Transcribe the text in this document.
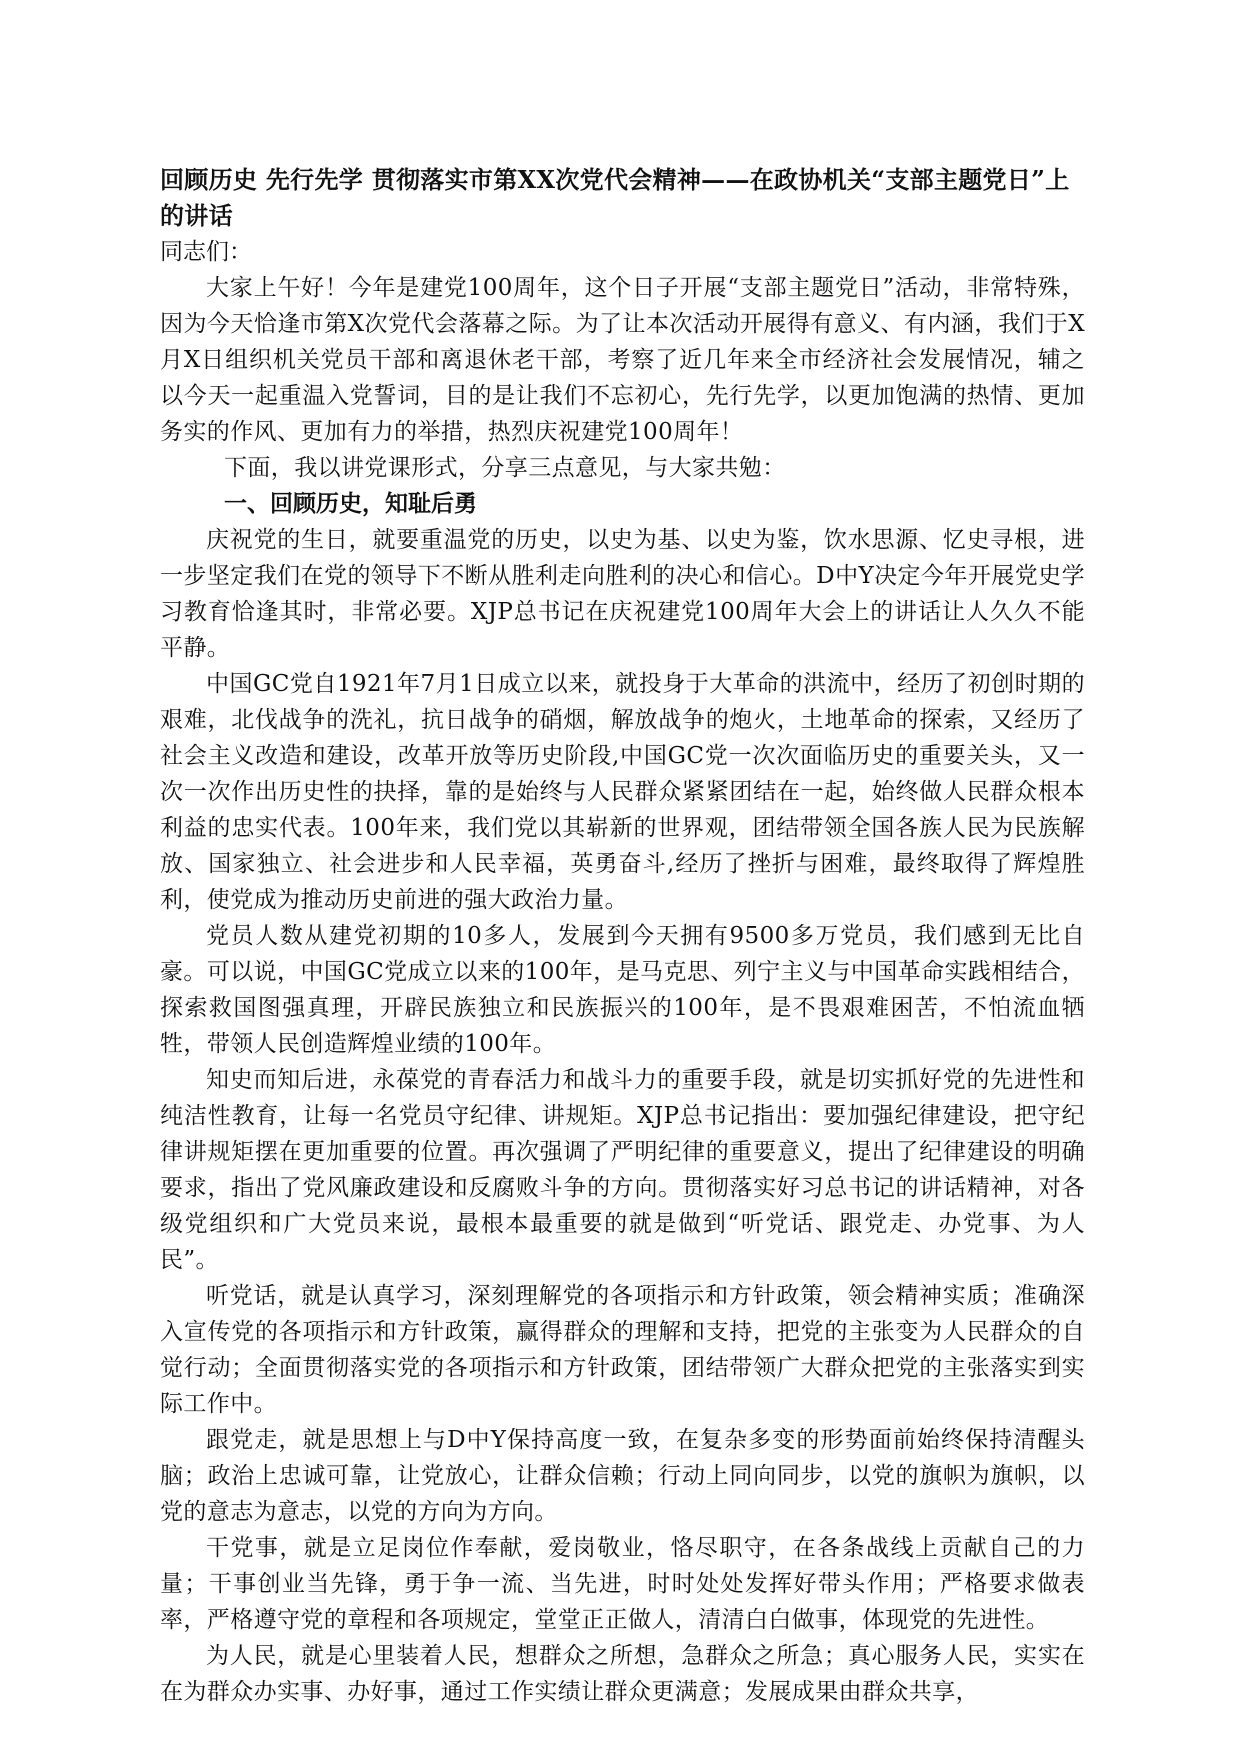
回顾历史 先行先学 贯彻落实市第XX次党代会精神——在政协机关“支部主题党日”上的讲话

同志们：

大家上午好！今年是建党100周年，这个日子开展“支部主题党日”活动，非常特殊，因为今天恰逢市第X次党代会落幕之际。为了让本次活动开展得有意义、有内涵，我们于X月X日组织机关党员干部和离退休老干部，考察了近几年来全市经济社会发展情况，辅之以今天一起重温入党誓词，目的是让我们不忘初心，先行先学，以更加饱满的热情、更加务实的作风、更加有力的举措，热烈庆祝建党100周年！

下面，我以讲党课形式，分享三点意见，与大家共勉：

一、回顾历史，知耻后勇

庆祝党的生日，就要重温党的历史，以史为基、以史为鉴，饮水思源、忆史寻根，进一步坚定我们在党的领导下不断从胜利走向胜利的决心和信心。D中Y决定今年开展党史学习教育恰逢其时，非常必要。XJP总书记在庆祝建党100周年大会上的讲话让人久久不能平静。

中国GC党自1921年7月1日成立以来，就投身于大革命的洪流中，经历了初创时期的艰难，北伐战争的洗礼，抗日战争的硝烟，解放战争的炮火，土地革命的探索，又经历了社会主义改造和建设，改革开放等历史阶段,中国GC党一次次面临历史的重要关头，又一次一次作出历史性的抉择，靠的是始终与人民群众紧紧团结在一起，始终做人民群众根本利益的忠实代表。100年来，我们党以其崭新的世界观，团结带领全国各族人民为民族解放、国家独立、社会进步和人民幸福，英勇奋斗,经历了挫折与困难，最终取得了辉煌胜利，使党成为推动历史前进的强大政治力量。

党员人数从建党初期的10多人，发展到今天拥有9500多万党员，我们感到无比自豪。可以说，中国GC党成立以来的100年，是马克思、列宁主义与中国革命实践相结合，探索救国图强真理，开辟民族独立和民族振兴的100年，是不畏艰难困苦，不怕流血牺牲，带领人民创造辉煌业绩的100年。

知史而知后进，永葆党的青春活力和战斗力的重要手段，就是切实抓好党的先进性和纯洁性教育，让每一名党员守纪律、讲规矩。XJP总书记指出：要加强纪律建设，把守纪律讲规矩摆在更加重要的位置。再次强调了严明纪律的重要意义，提出了纪律建设的明确要求，指出了党风廉政建设和反腐败斗争的方向。贯彻落实好习总书记的讲话精神，对各级党组织和广大党员来说，最根本最重要的就是做到“听党话、跟党走、办党事、为人民”。

听党话，就是认真学习，深刻理解党的各项指示和方针政策，领会精神实质；准确深入宣传党的各项指示和方针政策，赢得群众的理解和支持，把党的主张变为人民群众的自觉行动；全面贯彻落实党的各项指示和方针政策，团结带领广大群众把党的主张落实到实际工作中。

跟党走，就是思想上与D中Y保持高度一致，在复杂多变的形势面前始终保持清醒头脑；政治上忠诚可靠，让党放心，让群众信赖；行动上同向同步，以党的旗帜为旗帜，以党的意志为意志，以党的方向为方向。

干党事，就是立足岗位作奉献，爱岗敬业，恪尽职守，在各条战线上贡献自己的力量；干事创业当先锋，勇于争一流、当先进，时时处处发挥好带头作用；严格要求做表率，严格遵守党的章程和各项规定，堂堂正正做人，清清白白做事，体现党的先进性。

为人民，就是心里装着人民，想群众之所想，急群众之所急；真心服务人民，实实在在为群众办实事、办好事，通过工作实绩让群众更满意；发展成果由群众共享，
